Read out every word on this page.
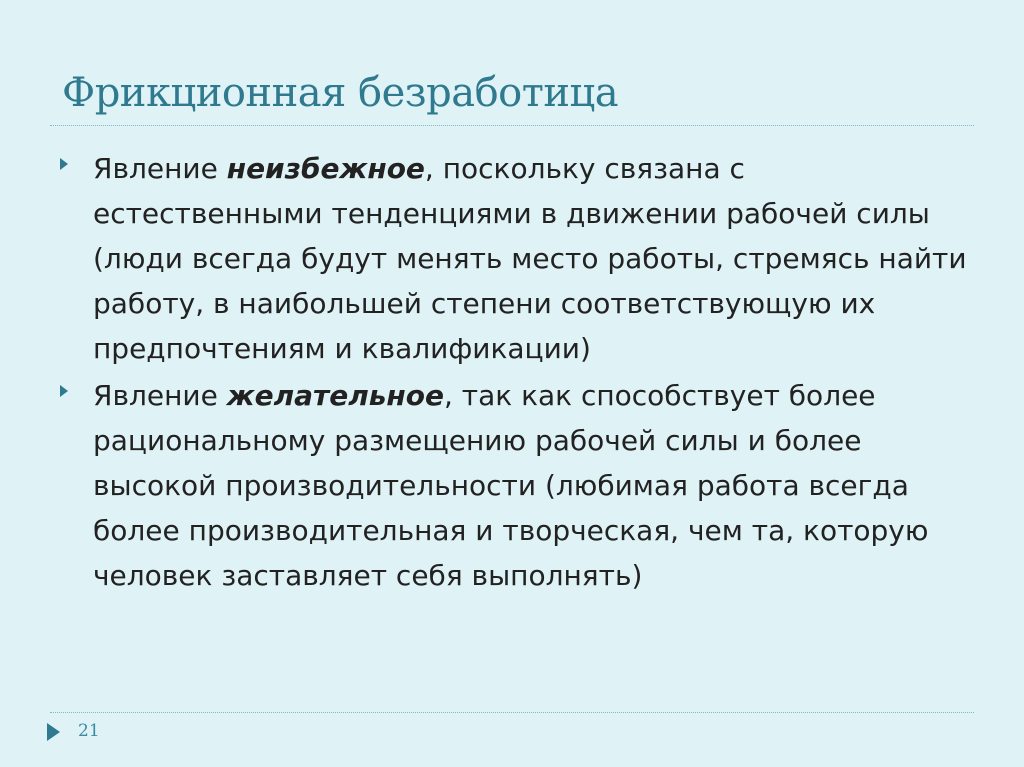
Фрикционная безработица
Явление неизбежное, поскольку связана с естественными тенденциями в движении рабочей силы (люди всегда будут менять место работы, стремясь найти работу, в наибольшей степени соответствующую их предпочтениям и квалификации)
Явление желательное, так как способствует более рациональному размещению рабочей силы и более высокой производительности (любимая работа всегда более производительная и творческая, чем та, которую человек заставляет себя выполнять)
21
